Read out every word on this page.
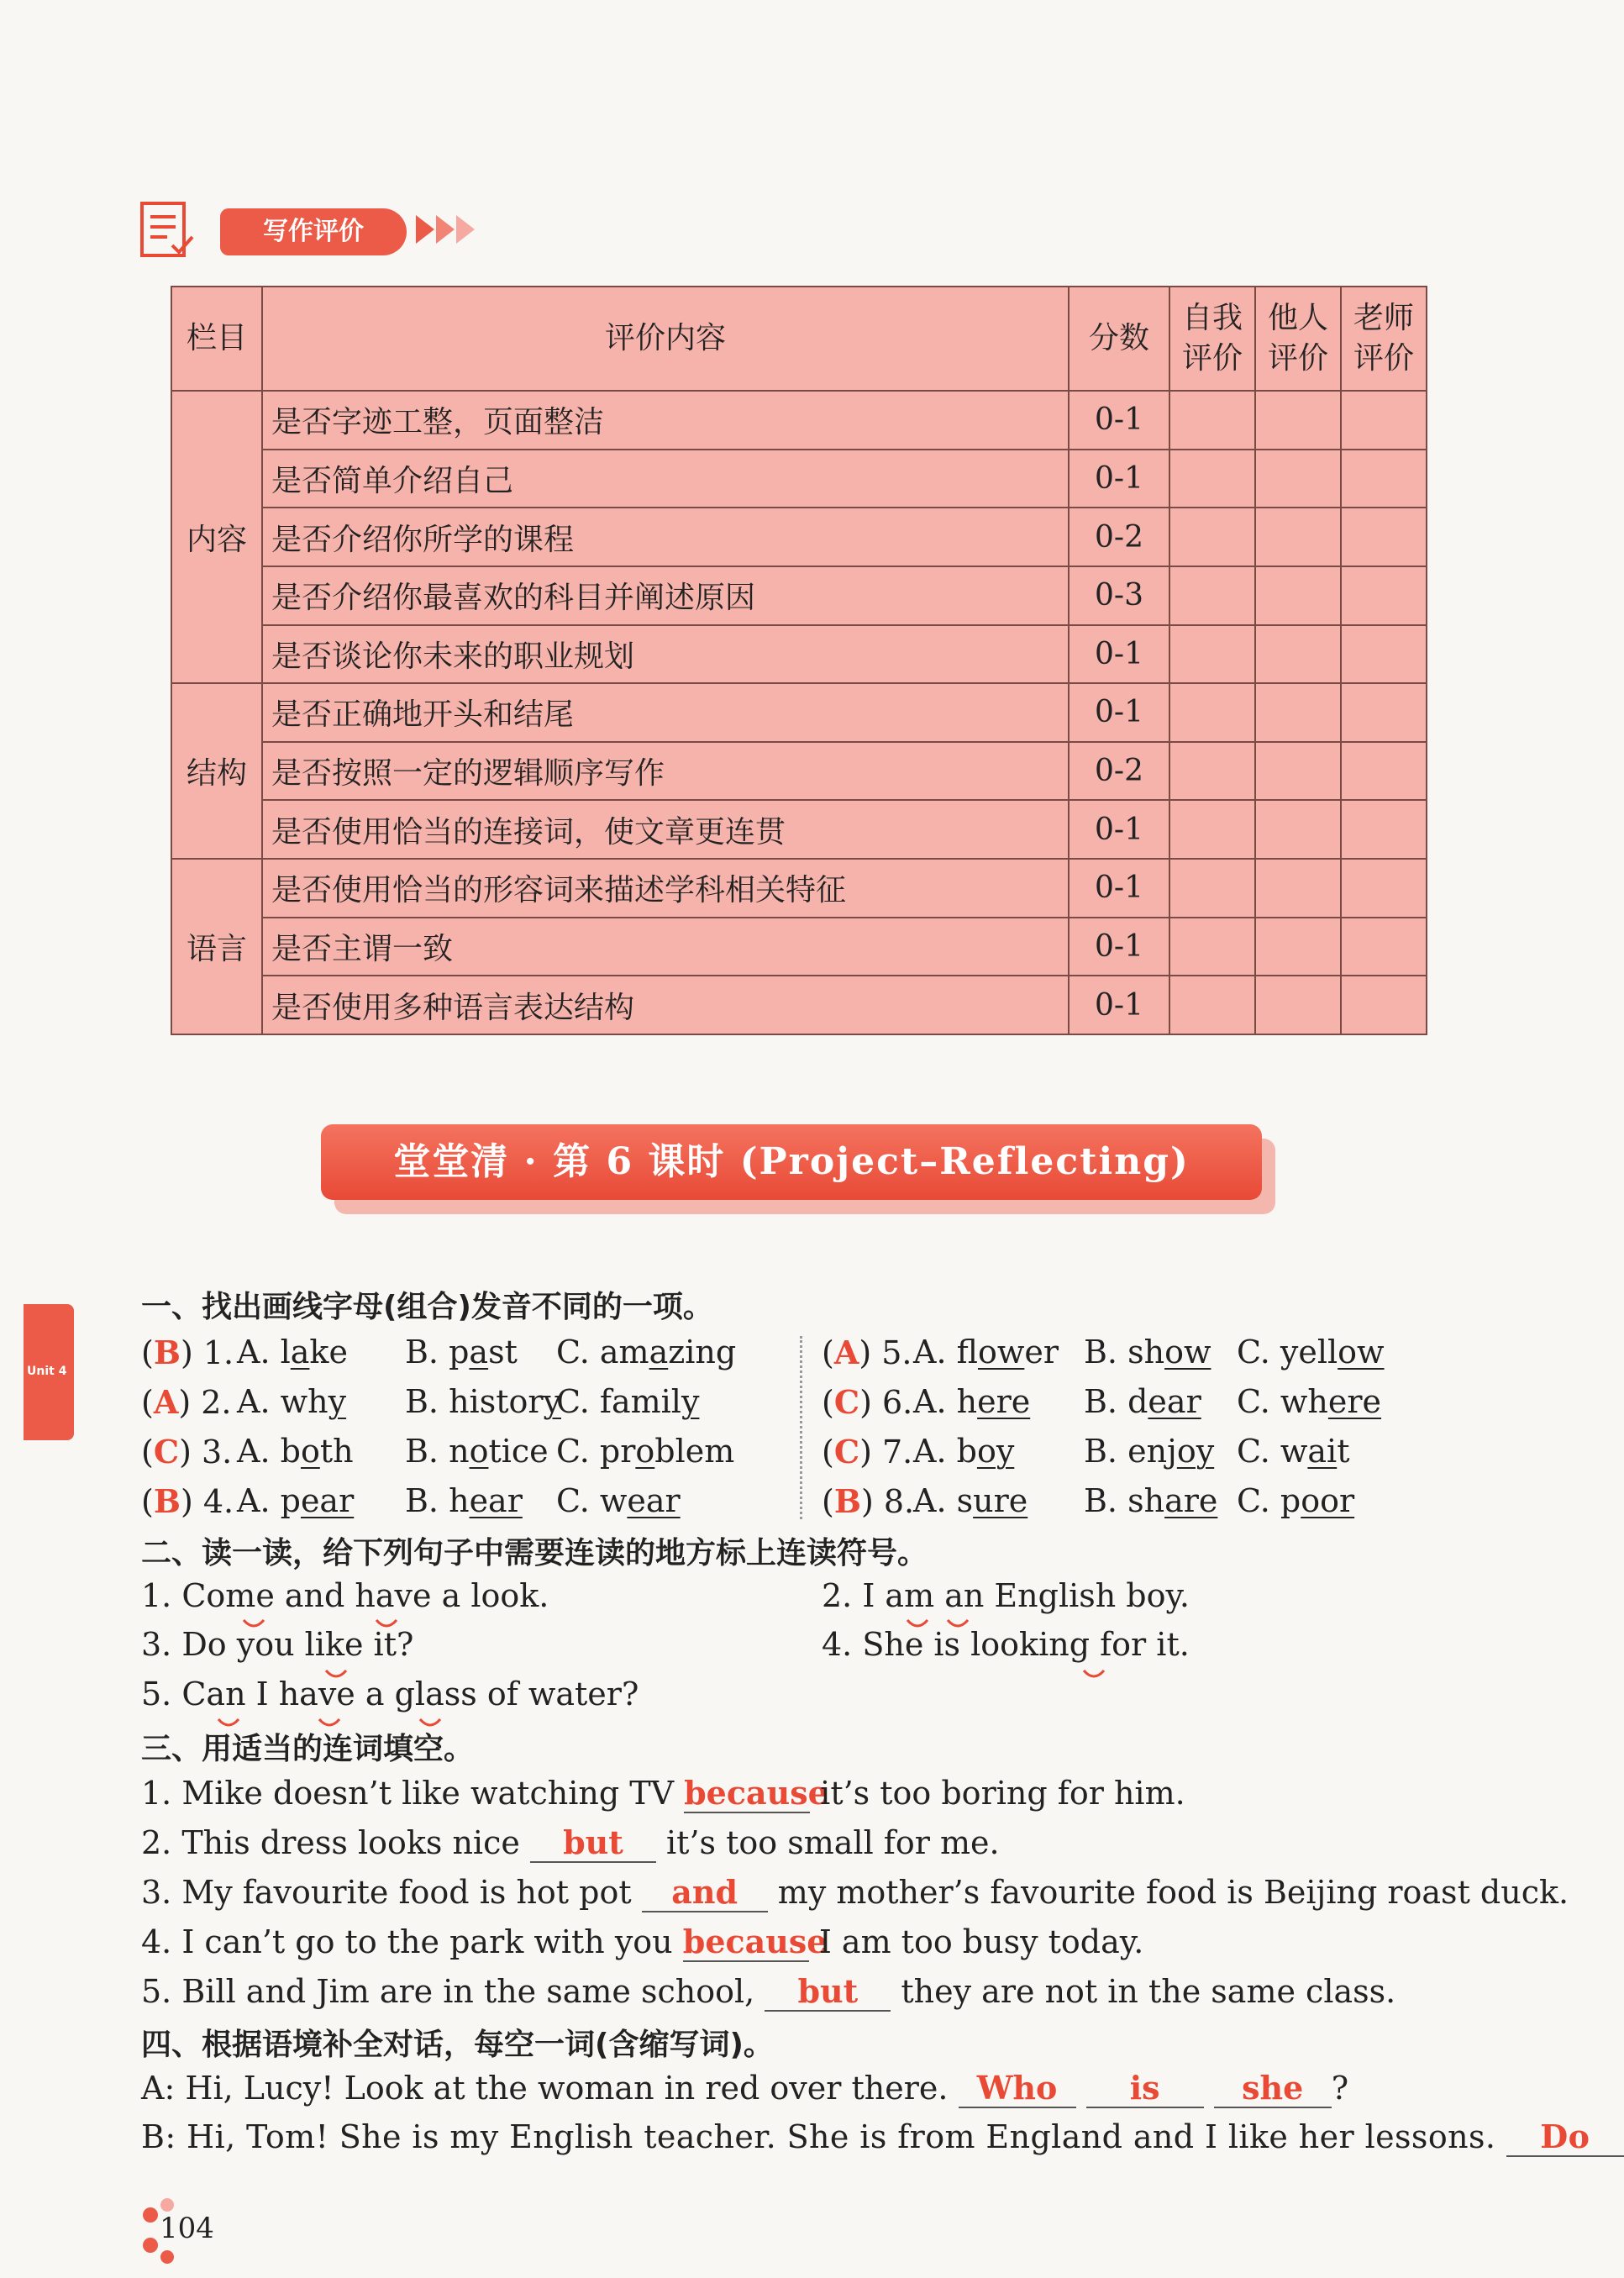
写作评价
栏目	评价内容	分数	自我评价	他人评价	老师评价
内容	是否字迹工整，页面整洁	0-1			
	是否简单介绍自己	0-1			
	是否介绍你所学的课程	0-2			
	是否介绍你最喜欢的科目并阐述原因	0-3			
	是否谈论你未来的职业规划	0-1			
结构	是否正确地开头和结尾	0-1			
	是否按照一定的逻辑顺序写作	0-2			
	是否使用恰当的连接词，使文章更连贯	0-1			
语言	是否使用恰当的形容词来描述学科相关特征	0-1			
	是否主谓一致	0-1			
	是否使用多种语言表达结构	0-1			
堂堂清 · 第 6 课时 (Project–Reflecting)
Unit 4
一、找出画线字母(组合)发音不同的一项。
(B) 1. A. lake B. past C. amazing
(A) 2. A. why B. history
C. family
(C) 3. A. both B. notice C. problem
(B) 4. A. pear B. hear C. wear
(A) 5. A. flower B. show C. yellow
(C) 6. A. here B. dear C. where
(C) 7. A. boy B. enjoy C. wait
(B) 8.
A. sure B. share C. poor
二、读一读，给下列句子中需要连读的地方标上连读符号。
1. Come and have a look.	2. I am an English boy.
3. Do you like it?	4. She is looking for it.
5. Can I have a glass of water?
三、用适当的连词填空。
1. Mike doesn’t like watching TV because it’s too boring for him.
2. This dress looks nice but it’s too small for me.
3. My favourite food is hot pot and my mother’s favourite food is Beijing roast duck.
4. I can’t go to the park with you because I am too busy today.
5. Bill and Jim are in the same school, but they are not in the same class.
四、根据语境补全对话，每空一词(含缩写词)。
A: Hi, Lucy! Look at the woman in red over there. Who is	she ?
B: Hi, Tom! She is my English teacher. She is from England and I like her lessons. Do
104
